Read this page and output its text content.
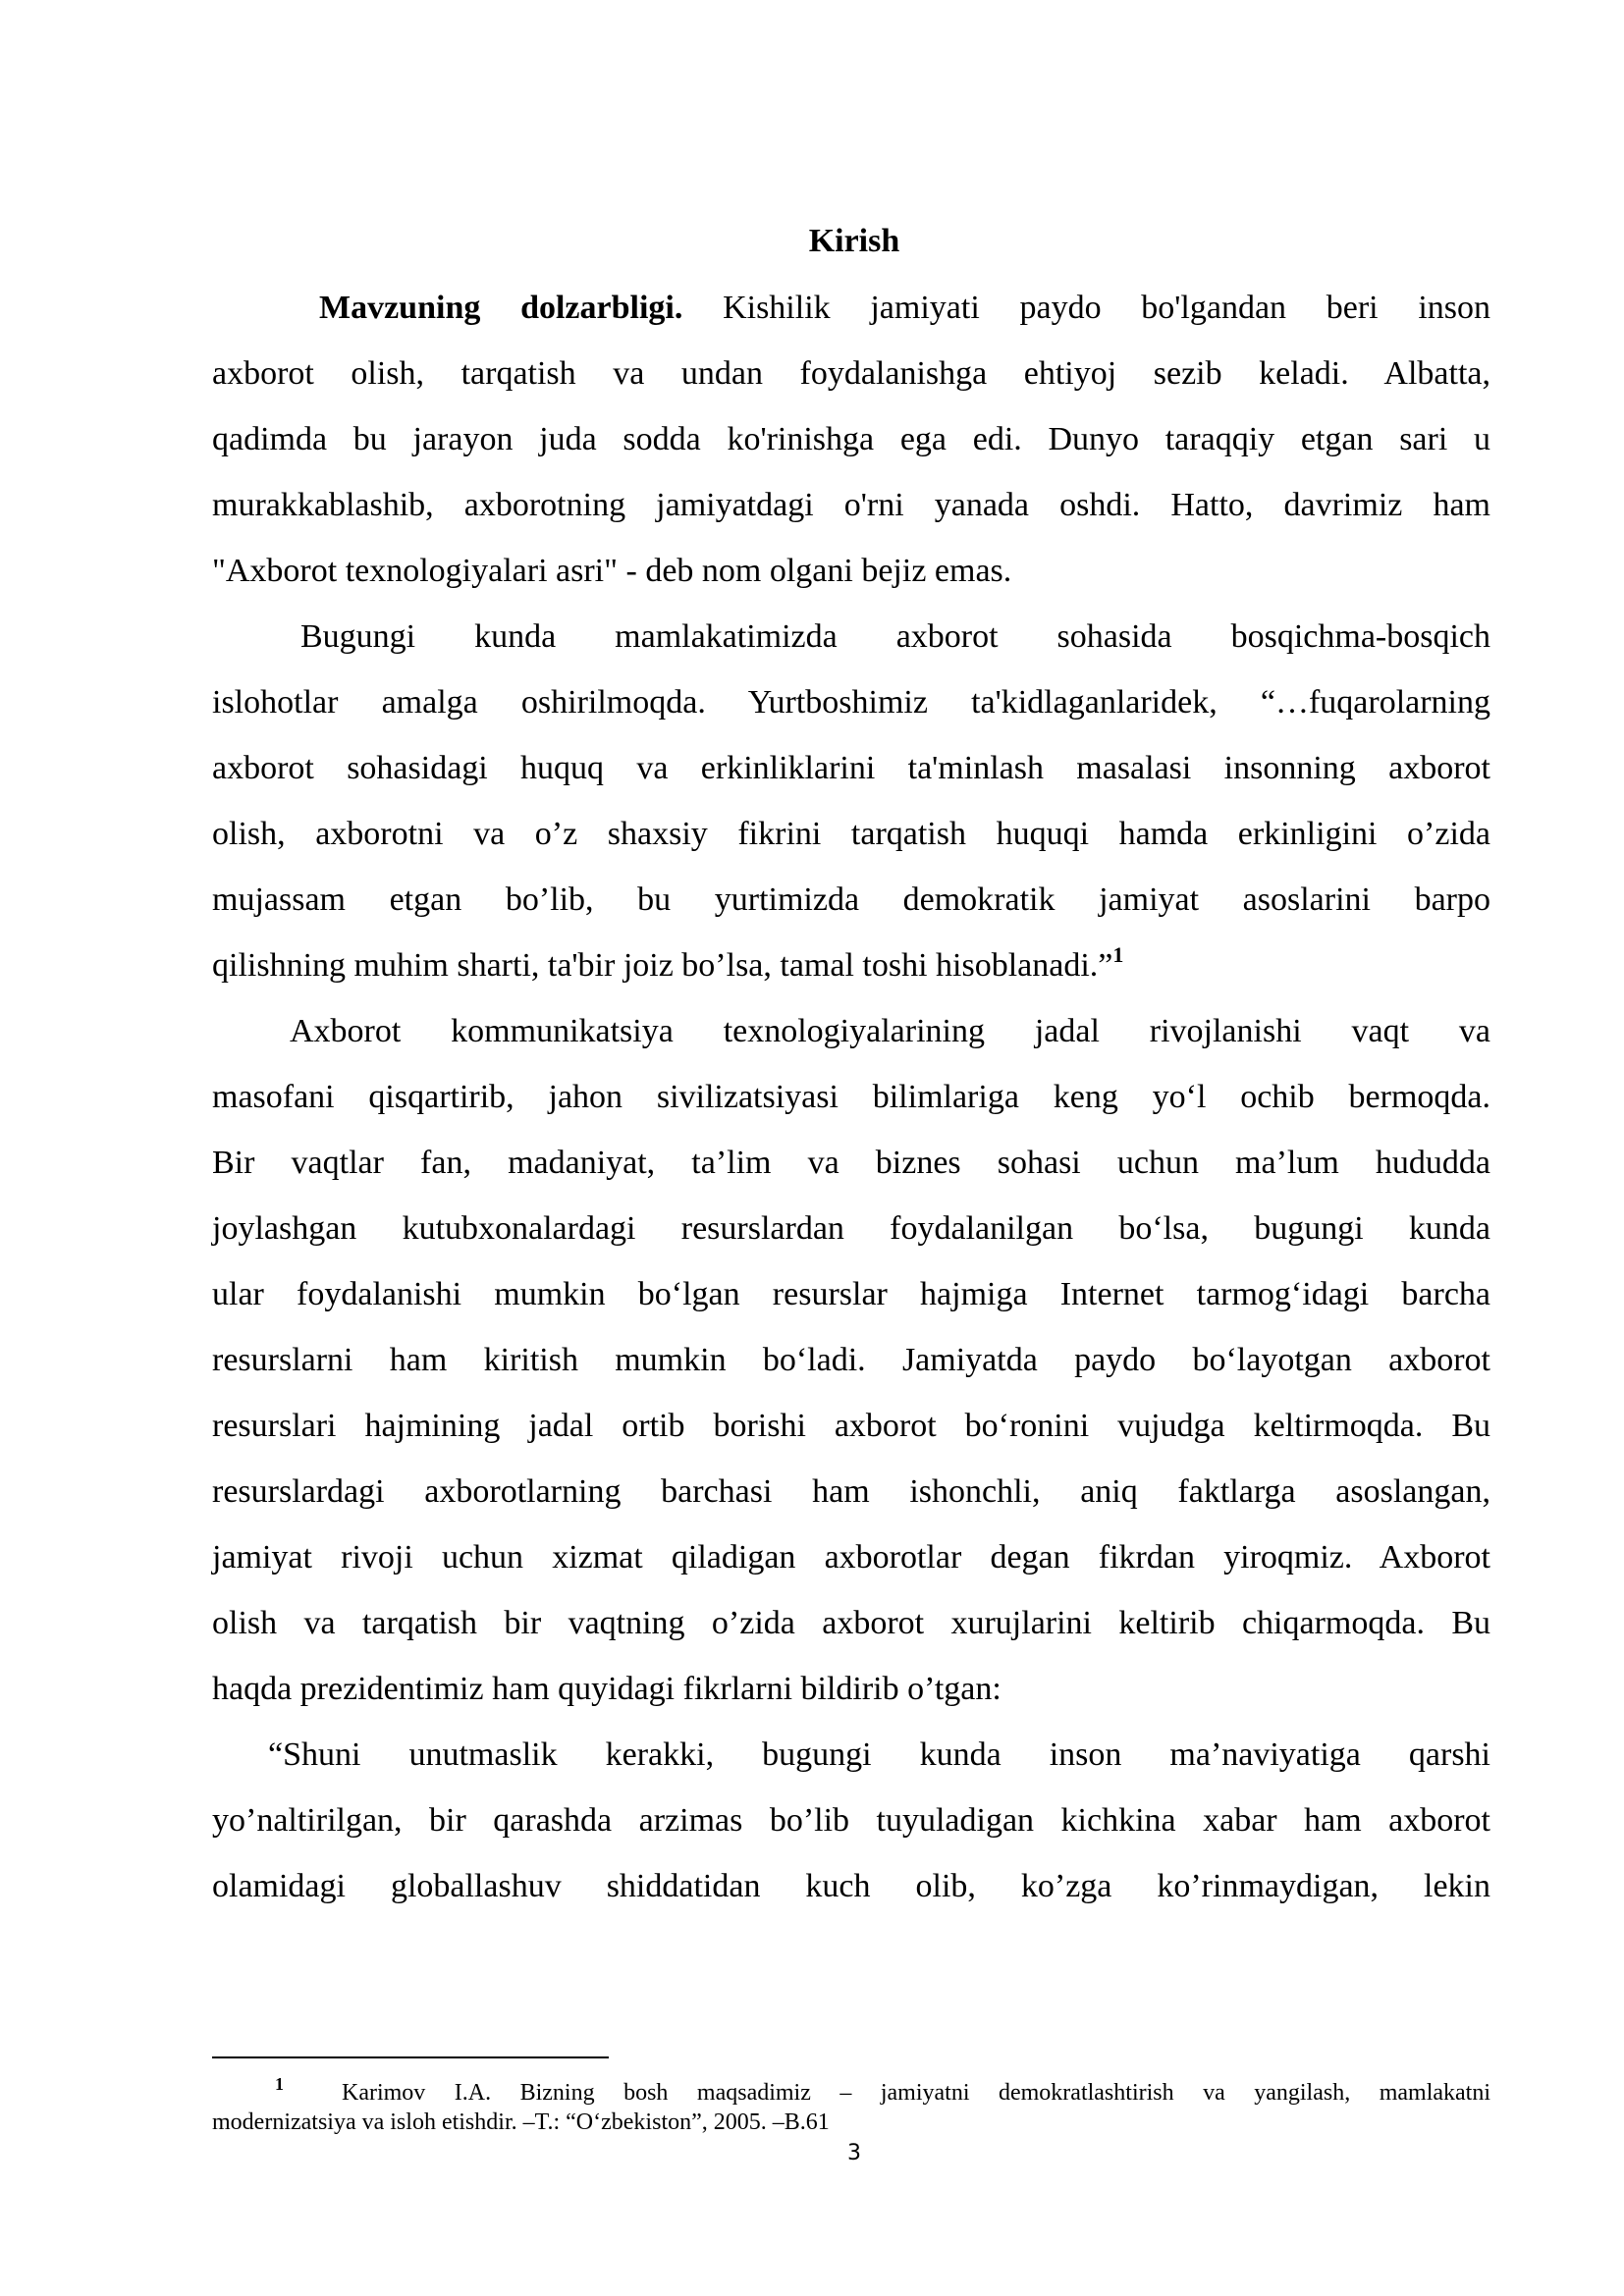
Kirish

Mavzuning dolzarbligi. Kishilik jamiyati paydo bo'lgandan beri inson

axborot olish, tarqatish va undan foydalanishga ehtiyoj sezib keladi. Albatta,

qadimda bu jarayon juda sodda ko'rinishga ega edi. Dunyo taraqqiy etgan sari u

murakkablashib, axborotning jamiyatdagi o'rni yanada oshdi. Hatto, davrimiz ham

"Axborot texnologiyalari asri" - deb nom olgani bejiz emas.

Bugungi kunda mamlakatimizda axborot sohasida bosqichma-bosqich

islohotlar amalga oshirilmoqda. Yurtboshimiz ta'kidlaganlaridek, “…fuqarolarning

axborot sohasidagi huquq va erkinliklarini ta'minlash masalasi insonning axborot

olish, axborotni va o’z shaxsiy fikrini tarqatish huquqi hamda erkinligini o’zida

mujassam etgan bo’lib, bu yurtimizda demokratik jamiyat asoslarini barpo

qilishning muhim sharti, ta'bir joiz bo’lsa, tamal toshi hisoblanadi.”$^1$

Axborot kommunikatsiya texnologiyalarining jadal rivojlanishi vaqt va

masofani qisqartirib, jahon sivilizatsiyasi bilimlariga keng yo‘l ochib bermoqda.

Bir vaqtlar fan, madaniyat, ta’lim va biznes sohasi uchun ma’lum hududda

joylashgan kutubxonalardagi resurslardan foydalanilgan bo‘lsa, bugungi kunda

ular foydalanishi mumkin bo‘lgan resurslar hajmiga Internet tarmog‘idagi barcha

resurslarni ham kiritish mumkin bo‘ladi. Jamiyatda paydo bo‘layotgan axborot

resurslari hajmining jadal ortib borishi axborot bo‘ronini vujudga keltirmoqda. Bu

resurslardagi axborotlarning barchasi ham ishonchli, aniq faktlarga asoslangan,

jamiyat rivoji uchun xizmat qiladigan axborotlar degan fikrdan yiroqmiz. Axborot

olish va tarqatish bir vaqtning o’zida axborot xurujlarini keltirib chiqarmoqda. Bu

haqda prezidentimiz ham quyidagi fikrlarni bildirib o’tgan:

“Shuni unutmaslik kerakki, bugungi kunda inson ma’naviyatiga qarshi

yo’naltirilgan, bir qarashda arzimas bo’lib tuyuladigan kichkina xabar ham axborot

olamidagi globallashuv shiddatidan kuch olib, ko’zga ko’rinmaydigan, lekin

$^1$ Karimov I.A. Bizning bosh maqsadimiz – jamiyatni demokratlashtirish va yangilash, mamlakatni

modernizatsiya va isloh etishdir. –T.: “O‘zbekiston”, 2005. –B.61

3
